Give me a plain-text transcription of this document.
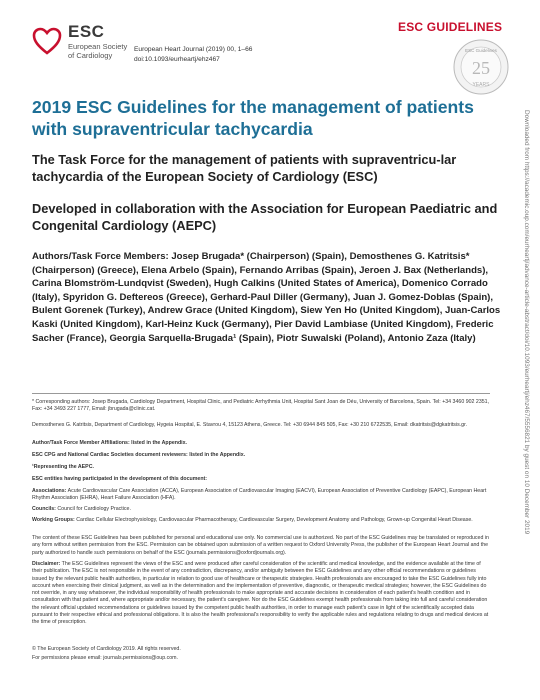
ESC
European Society
of Cardiology
European Heart Journal (2019) 00, 1–66
doi:10.1093/eurheartj/ehz467
ESC GUIDELINES
25
YEARS
ESC Guidelines
2019 ESC Guidelines for the management of patients with supraventricular tachycardia
The Task Force for the management of patients with supraventricu-lar tachycardia of the European Society of Cardiology (ESC)
Developed in collaboration with the Association for European Paediatric and Congenital Cardiology (AEPC)
Authors/Task Force Members: Josep Brugada* (Chairperson) (Spain), Demosthenes G. Katritsis* (Chairperson) (Greece), Elena Arbelo (Spain), Fernando Arribas (Spain), Jeroen J. Bax (Netherlands), Carina Blomström-Lundqvist (Sweden), Hugh Calkins (United States of America), Domenico Corrado (Italy), Spyridon G. Deftereos (Greece), Gerhard-Paul Diller (Germany), Juan J. Gomez-Doblas (Spain), Bulent Gorenek (Turkey), Andrew Grace (United Kingdom), Siew Yen Ho (United Kingdom), Juan-Carlos Kaski (United Kingdom), Karl-Heinz Kuck (Germany), Pier David Lambiase (United Kingdom), Frederic Sacher (France), Georgia Sarquella-Brugada¹ (Spain), Piotr Suwalski (Poland), Antonio Zaza (Italy)	Downloaded from https://academic.oup.com/eurheartj/advance-article-abstract/doi/10.1093/eurheartj/ehz467/5556821 by guest on 10 December 2019
* Corresponding authors: Josep Brugada, Cardiology Department, Hospital Clinic, and Pediatric Arrhythmia Unit, Hospital Sant Joan de Déu, University of Barcelona, Spain. Tel: +34 3460 902 2351, Fax: +34 3493 227 1777, Email: jbrugada@clinic.cat.
Demosthenes G. Katritsis, Department of Cardiology, Hygeia Hospital, E. Stavrou 4, 15123 Athens, Greece. Tel: +30 6944 845 505, Fax: +30 210 6722535, Email: dkatritsis@dgkatritsis.gr.
Author/Task Force Member Affiliations: listed in the Appendix.
ESC CPG and National Cardiac Societies document reviewers: listed in the Appendix.
¹Representing the AEPC.
ESC entities having participated in the development of this document:
Associations: Acute Cardiovascular Care Association (ACCA), European Association of Cardiovascular Imaging (EACVI), European Association of Preventive Cardiology (EAPC), European Heart Rhythm Association (EHRA), Heart Failure Association (HFA).
Councils: Council for Cardiology Practice.
Working Groups: Cardiac Cellular Electrophysiology, Cardiovascular Pharmacotherapy, Cardiovascular Surgery, Development Anatomy and Pathology, Grown-up Congenital Heart Disease.
The content of these ESC Guidelines has been published for personal and educational use only. No commercial use is authorized. No part of the ESC Guidelines may be translated or reproduced in any form without written permission from the ESC. Permission can be obtained upon submission of a written request to Oxford University Press, the publisher of the European Heart Journal and the party authorized to handle such permissions on behalf of the ESC (journals.permissions@oxfordjournals.org).
Disclaimer: The ESC Guidelines represent the views of the ESC and were produced after careful consideration of the scientific and medical knowledge, and the evidence available at the time of their publication. The ESC is not responsible in the event of any contradiction, discrepancy, and/or ambiguity between the ESC Guidelines and any other official recommendations or guidelines issued by the relevant public health authorities, in particular in relation to good use of healthcare or therapeutic strategies. Health professionals are encouraged to take the ESC Guidelines fully into account when exercising their clinical judgment, as well as in the determination and the implementation of preventive, diagnostic, or therapeutic medical strategies; however, the ESC Guidelines do not override, in any way whatsoever, the individual responsibility of health professionals to make appropriate and accurate decisions in consideration of each patient's health condition and in consultation with that patient and, where appropriate and/or necessary, the patient's caregiver. Nor do the ESC Guidelines exempt health professionals from taking into full and careful consideration the relevant official updated recommendations or guidelines issued by the competent public health authorities, in order to manage each patient's case in light of the scientifically accepted data pursuant to their respective ethical and professional obligations. It is also the health professional's responsibility to verify the applicable rules and regulations relating to drugs and medical devices at the time of prescription.
© The European Society of Cardiology 2019. All rights reserved.
For permissions please email: journals.permissions@oup.com.
